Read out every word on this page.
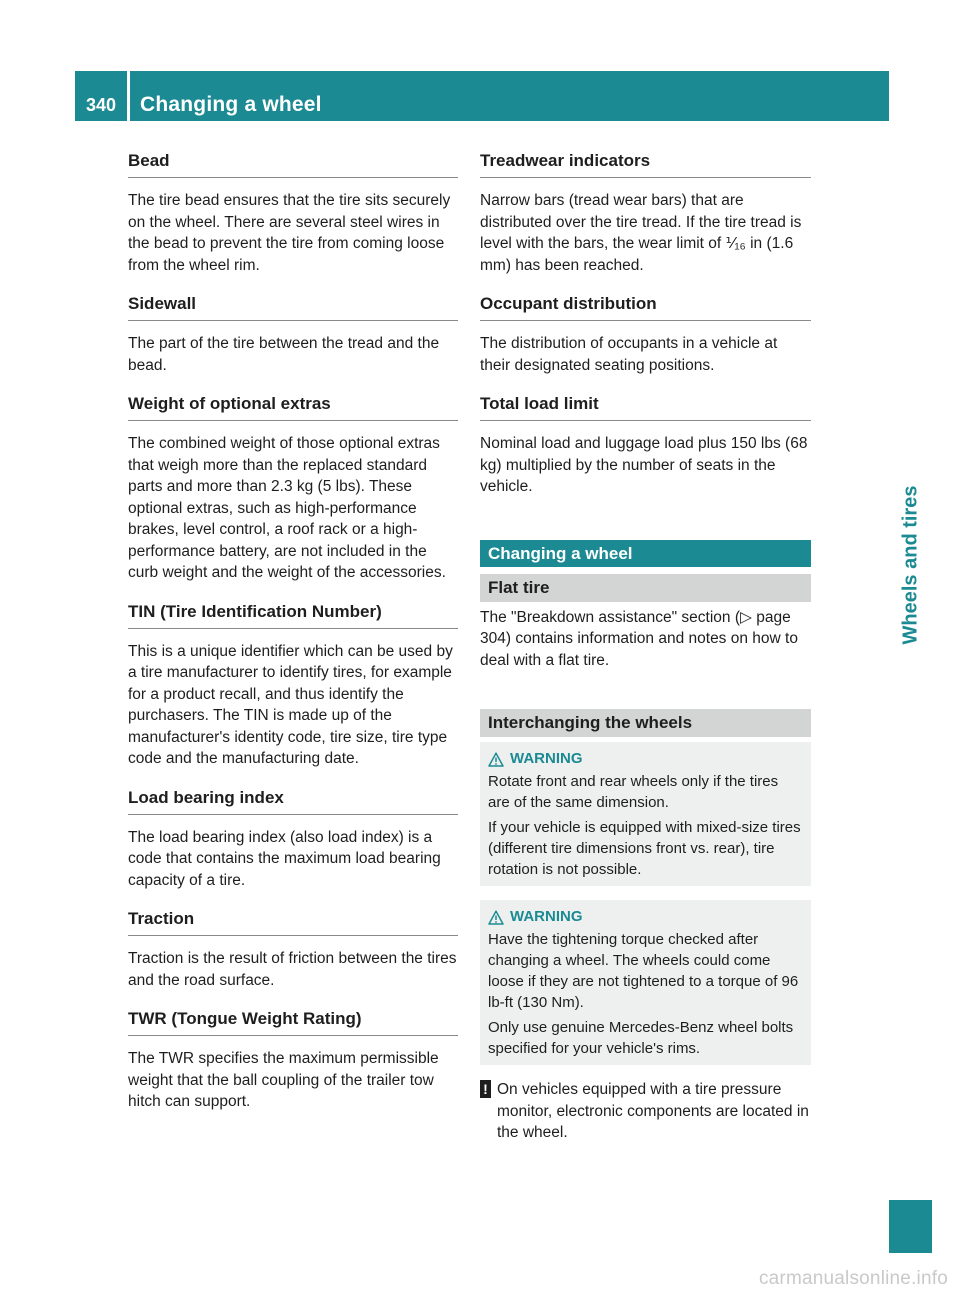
340	Changing a wheel
Wheels and tires
Bead

The tire bead ensures that the tire sits securely on the wheel. There are several steel wires in the bead to prevent the tire from coming loose from the wheel rim.

Sidewall

The part of the tire between the tread and the bead.

Weight of optional extras

The combined weight of those optional extras that weigh more than the replaced standard parts and more than 2.3 kg (5 lbs). These optional extras, such as high-performance brakes, level control, a roof rack or a high-performance battery, are not included in the curb weight and the weight of the accessories.

TIN (Tire Identification Number)

This is a unique identifier which can be used by a tire manufacturer to identify tires, for example for a product recall, and thus identify the purchasers. The TIN is made up of the manufacturer's identity code, tire size, tire type code and the manufacturing date.

Load bearing index

The load bearing index (also load index) is a code that contains the maximum load bearing capacity of a tire.

Traction

Traction is the result of friction between the tires and the road surface.

TWR (Tongue Weight Rating)

The TWR specifies the maximum permissible weight that the ball coupling of the trailer tow hitch can support.

Treadwear indicators

Narrow bars (tread wear bars) that are distributed over the tire tread. If the tire tread is level with the bars, the wear limit of ⅟₁₆ in (1.6 mm) has been reached.

Occupant distribution

The distribution of occupants in a vehicle at their designated seating positions.

Total load limit

Nominal load and luggage load plus 150 lbs (68 kg) multiplied by the number of seats in the vehicle.

Changing a wheel
Flat tire

The "Breakdown assistance" section (▷ page 304) contains information and notes on how to deal with a flat tire.

Interchanging the wheels
WARNING

Rotate front and rear wheels only if the tires are of the same dimension.

If your vehicle is equipped with mixed-size tires (different tire dimensions front vs. rear), tire rotation is not possible.

WARNING

Have the tightening torque checked after changing a wheel. The wheels could come loose if they are not tightened to a torque of 96 lb-ft (130 Nm).

Only use genuine Mercedes-Benz wheel bolts specified for your vehicle's rims.

! On vehicles equipped with a tire pressure monitor, electronic components are located in the wheel.
carmanualsonline.info
